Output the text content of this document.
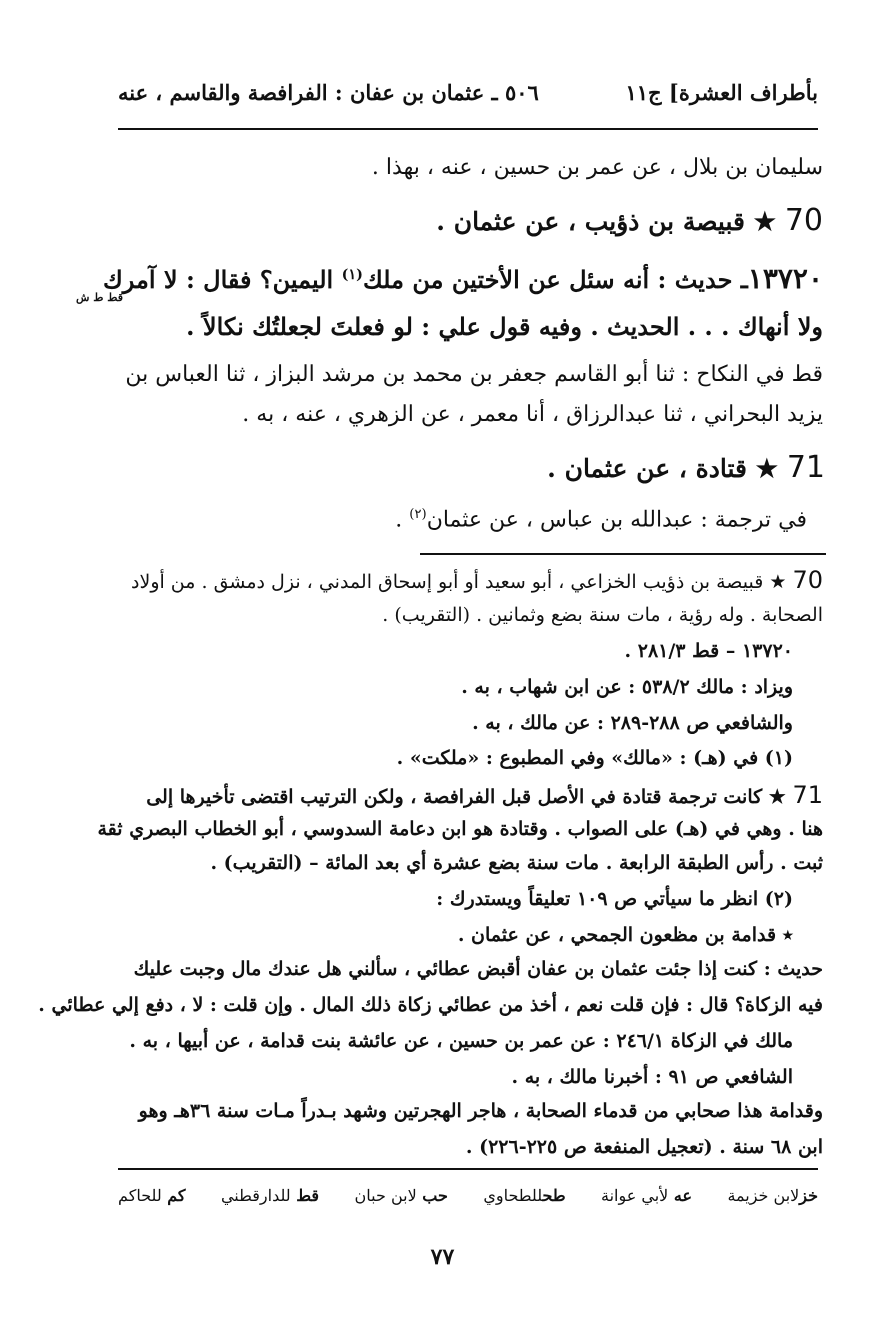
٥٠٦ ـ عثمان بن عفان : الفرافصة والقاسم ، عنه	بأطراف العشرة] ج١١
سليمان بن بلال ، عن عمر بن حسين ، عنه ، بهذا .
70 ★ قبيصة بن ذؤيب ، عن عثمان .
١٣٧٢٠ـ حديث : أنه سئل عن الأختين من ملك$^{(١)}$ اليمين؟ فقال : لا آمرك
قط ط ش
ولا أنهاك . . . الحديث . وفيه قول علي : لو فعلتَ لجعلتُك نكالاً .
قط في النكاح : ثنا أبو القاسم جعفر بن محمد بن مرشد البزاز ، ثنا العباس بن
يزيد البحراني ، ثنا عبدالرزاق ، أنا معمر ، عن الزهري ، عنه ، به .
71 ★ قتادة ، عن عثمان .
في ترجمة : عبدالله بن عباس ، عن عثمان$^{(٢)}$ .
70 ★ قبيصة بن ذؤيب الخزاعي ، أبو سعيد أو أبو إسحاق المدني ، نزل دمشق . من أولاد
الصحابة . وله رؤية ، مات سنة بضع وثمانين . (التقريب) .
١٣٧٢٠ – قط ٢٨١/٣ .
ويزاد : مالك ٥٣٨/٢ : عن ابن شهاب ، به .
والشافعي ص ٢٨٨-٢٨٩ : عن مالك ، به .
(١) في (هـ) : «مالك» وفي المطبوع : «ملكت» .
71 ★ كانت ترجمة قتادة في الأصل قبل الفرافصة ، ولكن الترتيب اقتضى تأخيرها إلى
هنا . وهي في (هـ) على الصواب . وقتادة هو ابن دعامة السدوسي ، أبو الخطاب البصري ثقة
ثبت . رأس الطبقة الرابعة . مات سنة بضع عشرة أي بعد المائة – (التقريب) .
(٢) انظر ما سيأتي ص ١٠٩ تعليقاً ويستدرك :
٭ قدامة بن مظعون الجمحي ، عن عثمان .
حديث : كنت إذا جئت عثمان بن عفان أقبض عطائي ، سألني هل عندك مال وجبت عليك
فيه الزكاة؟ قال : فإن قلت نعم ، أخذ من عطائي زكاة ذلك المال . وإن قلت : لا ، دفع إلي عطائي .
مالك في الزكاة ٢٤٦/١ : عن عمر بن حسين ، عن عائشة بنت قدامة ، عن أبيها ، به .
الشافعي ص ٩١ : أخبرنا مالك ، به .
وقدامة هذا صحابي من قدماء الصحابة ، هاجر الهجرتين وشهد بـدراً مـات سنة ٣٦هـ وهو
ابن ٦٨ سنة . (تعجيل المنفعة ص ٢٢٥-٢٢٦) .
خزلابن خزيمة
عه لأبي عوانة
طحللطحاوي
حب لابن حبان
قط للدارقطني
كم للحاكم
٧٧
